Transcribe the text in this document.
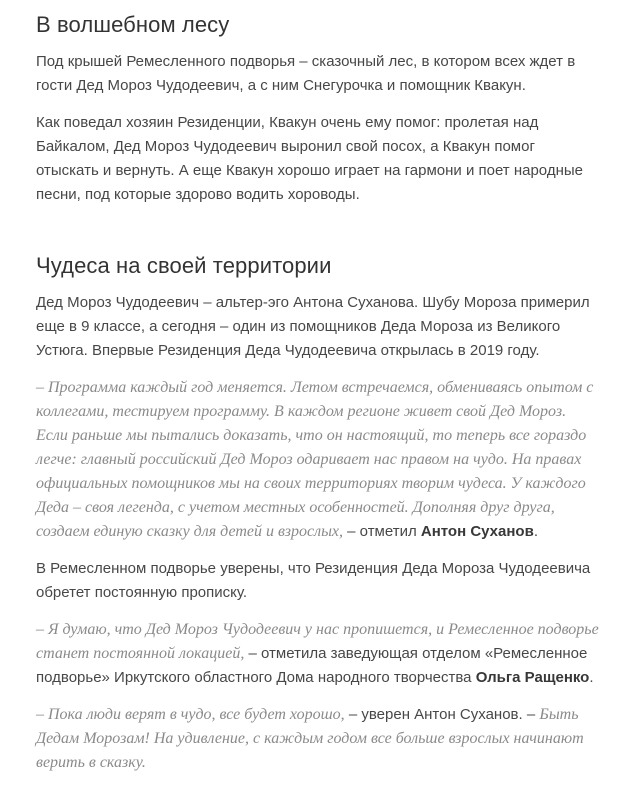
В волшебном лесу

Под крышей Ремесленного подворья – сказочный лес, в котором всех ждет в гости Дед Мороз Чудодеевич, а с ним Снегурочка и помощник Квакун.

Как поведал хозяин Резиденции, Квакун очень ему помог: пролетая над Байкалом, Дед Мороз Чудодеевич выронил свой посох, а Квакун помог отыскать и вернуть. А еще Квакун хорошо играет на гармони и поет народные песни, под которые здорово водить хороводы.

Чудеса на своей территории

Дед Мороз Чудодеевич – альтер-эго Антона Суханова. Шубу Мороза примерил еще в 9 классе, а сегодня – один из помощников Деда Мороза из Великого Устюга. Впервые Резиденция Деда Чудодеевича открылась в 2019 году.

– Программа каждый год меняется. Летом встречаемся, обмениваясь опытом с коллегами, тестируем программу. В каждом регионе живет свой Дед Мороз. Если раньше мы пытались доказать, что он настоящий, то теперь все гораздо легче: главный российский Дед Мороз одаривает нас правом на чудо. На правах официальных помощников мы на своих территориях творим чудеса. У каждого Деда – своя легенда, с учетом местных особенностей. Дополняя друг друга, создаем единую сказку для детей и взрослых, – отметил Антон Суханов.

В Ремесленном подворье уверены, что Резиденция Деда Мороза Чудодеевича обретет постоянную прописку.

– Я думаю, что Дед Мороз Чудодеевич у нас пропишется, и Ремесленное подворье станет постоянной локацией, – отметила заведующая отделом «Ремесленное подворье» Иркутского областного Дома народного творчества Ольга Ращенко.

– Пока люди верят в чудо, все будет хорошо, – уверен Антон Суханов. – Быть Дедам Морозам! На удивление, с каждым годом все больше взрослых начинают верить в сказку.
